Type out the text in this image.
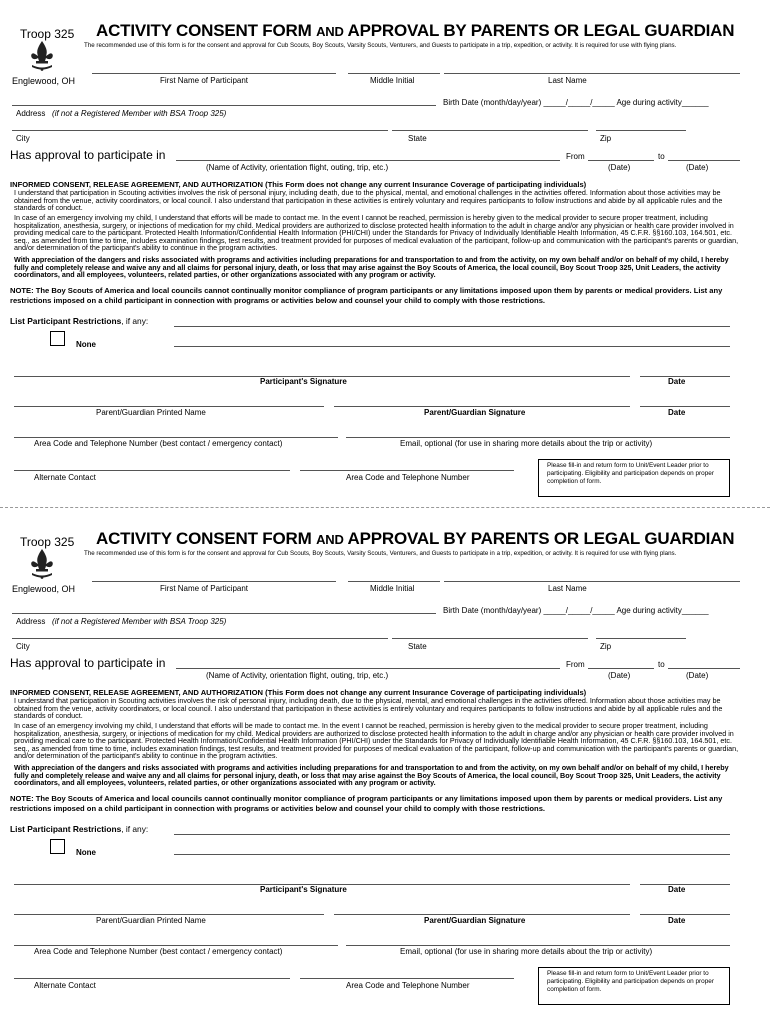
Troop 325
Englewood, OH
ACTIVITY CONSENT FORM AND APPROVAL BY PARENTS OR LEGAL GUARDIAN
The recommended use of this form is for the consent and approval for Cub Scouts, Boy Scouts, Varsity Scouts, Venturers, and Guests to participate in a trip, expedition, or activity. It is required for use with flying plans.
First Name of Participant	Middle Initial	Last Name
Birth Date (month/day/year) _____/_____/_____ Age during activity______
Address (if not a Registered Member with BSA Troop 325)
City	State	Zip
Has approval to participate in	From	to
(Name of Activity, orientation flight, outing, trip, etc.)	(Date)	(Date)
INFORMED CONSENT, RELEASE AGREEMENT, AND AUTHORIZATION (This Form does not change any current Insurance Coverage of participating individuals)
I understand that participation in Scouting activities involves the risk of personal injury, including death, due to the physical, mental, and emotional challenges in the activities offered. Information about those activities may be obtained from the venue, activity coordinators, or local council. I also understand that participation in these activities is entirely voluntary and requires participants to follow instructions and abide by all applicable rules and the standards of conduct.
In case of an emergency involving my child, I understand that efforts will be made to contact me. In the event I cannot be reached, permission is hereby given to the medical provider to secure proper treatment, including hospitalization, anesthesia, surgery, or injections of medication for my child. Medical providers are authorized to disclose protected health information to the adult in charge and/or any physician or health care provider involved in providing medical care to the participant. Protected Health Information/Confidential Health Information (PHI/CHI) under the Standards for Privacy of Individually Identifiable Health Information, 45 C.F.R. §§160.103, 164.501, etc. seq., as amended from time to time, includes examination findings, test results, and treatment provided for purposes of medical evaluation of the participant, follow-up and communication with the participant's parents or guardian, and/or determination of the participant's ability to continue in the program activities.
With appreciation of the dangers and risks associated with programs and activities including preparations for and transportation to and from the activity, on my own behalf and/or on behalf of my child, I hereby fully and completely release and waive any and all claims for personal injury, death, or loss that may arise against the Boy Scouts of America, the local council, Boy Scout Troop 325, Unit Leaders, the activity coordinators, and all employees, volunteers, related parties, or other organizations associated with any program or activity.
NOTE: The Boy Scouts of America and local councils cannot continually monitor compliance of program participants or any limitations imposed upon them by parents or medical providers. List any restrictions imposed on a child participant in connection with programs or activities below and counsel your child to comply with those restrictions.
List Participant Restrictions, if any:
None
Participant's Signature	Date
Parent/Guardian Printed Name	Parent/Guardian Signature	Date
Area Code and Telephone Number (best contact / emergency contact)	Email, optional (for use in sharing more details about the trip or activity)
Alternate Contact	Area Code and Telephone Number
Please fill-in and return form to Unit/Event Leader prior to participating. Eligibility and participation depends on proper completion of form.
Troop 325
Englewood, OH
ACTIVITY CONSENT FORM AND APPROVAL BY PARENTS OR LEGAL GUARDIAN
The recommended use of this form is for the consent and approval for Cub Scouts, Boy Scouts, Varsity Scouts, Venturers, and Guests to participate in a trip, expedition, or activity. It is required for use with flying plans.
First Name of Participant	Middle Initial	Last Name
Birth Date (month/day/year) _____/_____/_____ Age during activity______
Address (if not a Registered Member with BSA Troop 325)
City	State	Zip
Has approval to participate in	From	to
(Name of Activity, orientation flight, outing, trip, etc.)	(Date)	(Date)
INFORMED CONSENT, RELEASE AGREEMENT, AND AUTHORIZATION (This Form does not change any current Insurance Coverage of participating individuals)
I understand that participation in Scouting activities involves the risk of personal injury, including death, due to the physical, mental, and emotional challenges in the activities offered. Information about those activities may be obtained from the venue, activity coordinators, or local council. I also understand that participation in these activities is entirely voluntary and requires participants to follow instructions and abide by all applicable rules and the standards of conduct.
In case of an emergency involving my child, I understand that efforts will be made to contact me. In the event I cannot be reached, permission is hereby given to the medical provider to secure proper treatment, including hospitalization, anesthesia, surgery, or injections of medication for my child. Medical providers are authorized to disclose protected health information to the adult in charge and/or any physician or health care provider involved in providing medical care to the participant. Protected Health Information/Confidential Health Information (PHI/CHI) under the Standards for Privacy of Individually Identifiable Health Information, 45 C.F.R. §§160.103, 164.501, etc. seq., as amended from time to time, includes examination findings, test results, and treatment provided for purposes of medical evaluation of the participant, follow-up and communication with the participant's parents or guardian, and/or determination of the participant's ability to continue in the program activities.
With appreciation of the dangers and risks associated with programs and activities including preparations for and transportation to and from the activity, on my own behalf and/or on behalf of my child, I hereby fully and completely release and waive any and all claims for personal injury, death, or loss that may arise against the Boy Scouts of America, the local council, Boy Scout Troop 325, Unit Leaders, the activity coordinators, and all employees, volunteers, related parties, or other organizations associated with any program or activity.
NOTE: The Boy Scouts of America and local councils cannot continually monitor compliance of program participants or any limitations imposed upon them by parents or medical providers. List any restrictions imposed on a child participant in connection with programs or activities below and counsel your child to comply with those restrictions.
List Participant Restrictions, if any:
None
Participant's Signature	Date
Parent/Guardian Printed Name	Parent/Guardian Signature	Date
Area Code and Telephone Number (best contact / emergency contact)	Email, optional (for use in sharing more details about the trip or activity)
Alternate Contact	Area Code and Telephone Number
Please fill-in and return form to Unit/Event Leader prior to participating. Eligibility and participation depends on proper completion of form.
